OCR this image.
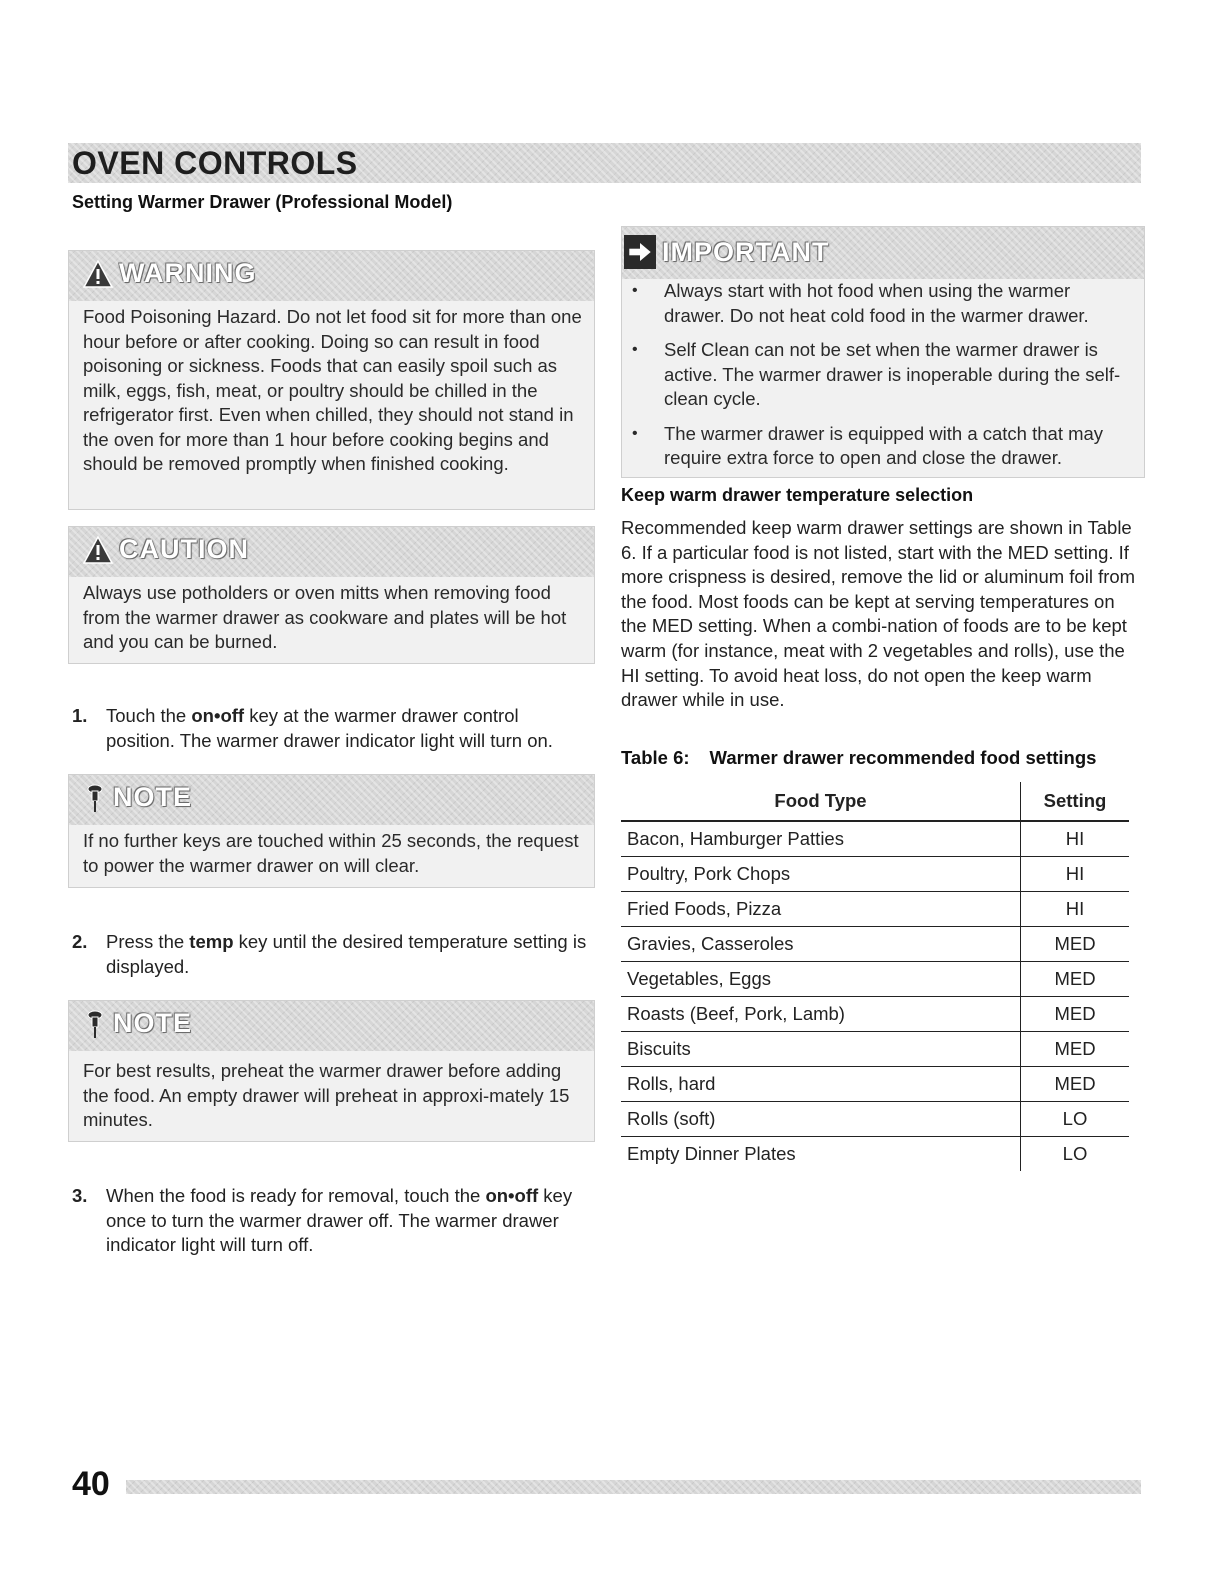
OVEN CONTROLS
Setting Warmer Drawer (Professional Model)
WARNING
Food Poisoning Hazard. Do not let food sit for more than one hour before or after cooking. Doing so can result in food poisoning or sickness. Foods that can easily spoil such as milk, eggs, fish, meat, or poultry should be chilled in the refrigerator first. Even when chilled, they should not stand in the oven for more than 1 hour before cooking begins and should be removed promptly when finished cooking.
CAUTION
Always use potholders or oven mitts when removing food from the warmer drawer as cookware and plates will be hot and you can be burned.
1.	Touch the on•off key at the warmer drawer control position. The warmer drawer indicator light will turn on.
NOTE
If no further keys are touched within 25 seconds, the request to power the warmer drawer on will clear.
2.	Press the temp key until the desired temperature setting is displayed.
NOTE
For best results, preheat the warmer drawer before adding the food. An empty drawer will preheat in approxi-mately 15 minutes.
3.	When the food is ready for removal, touch the on•off key once to turn the warmer drawer off. The warmer drawer indicator light will turn off.
IMPORTANT
• Always start with hot food when using the warmer drawer. Do not heat cold food in the warmer drawer.
• Self Clean can not be set when the warmer drawer is active. The warmer drawer is inoperable during the self-clean cycle.
• The warmer drawer is equipped with a catch that may require extra force to open and close the drawer.
Keep warm drawer temperature selection
Recommended keep warm drawer settings are shown in Table 6. If a particular food is not listed, start with the MED setting. If more crispness is desired, remove the lid or aluminum foil from the food. Most foods can be kept at serving temperatures on the MED setting. When a combi-nation of foods are to be kept warm (for instance, meat with 2 vegetables and rolls), use the HI setting. To avoid heat loss, do not open the keep warm drawer while in use.
Table 6: Warmer drawer recommended food settings
Food Type	Setting
Bacon, Hamburger Patties	HI
Poultry, Pork Chops	HI
Fried Foods, Pizza	HI
Gravies, Casseroles	MED
Vegetables, Eggs	MED
Roasts (Beef, Pork, Lamb)	MED
Biscuits	MED
Rolls, hard	MED
Rolls (soft)	LO
Empty Dinner Plates	LO
40
